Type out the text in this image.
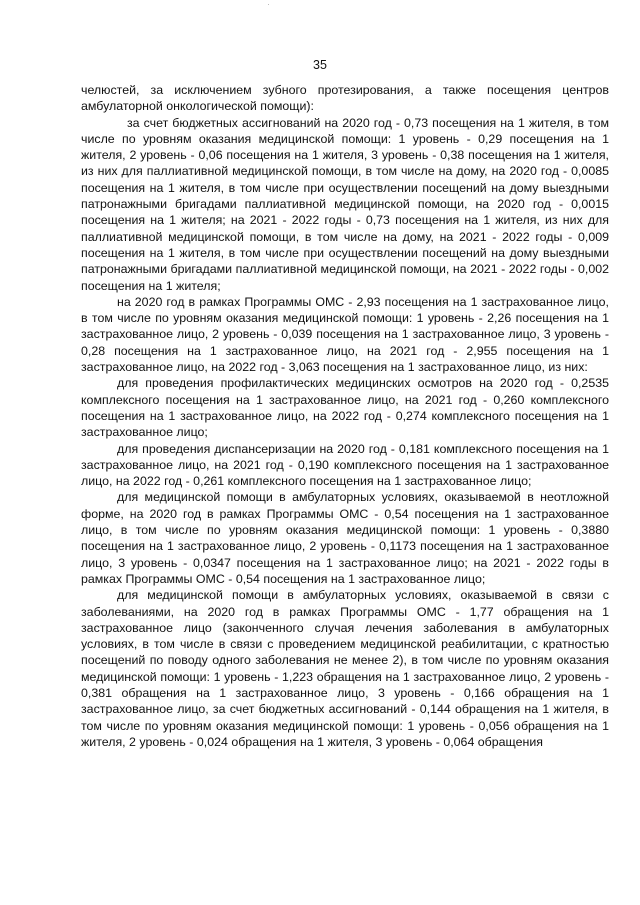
35

челюстей, за исключением зубного протезирования, а также посещения центров амбулаторной онкологической помощи):

за счет бюджетных ассигнований на 2020 год - 0,73 посещения на 1 жителя, в том числе по уровням оказания медицинской помощи: 1 уровень - 0,29 посещения на 1 жителя, 2 уровень - 0,06 посещения на 1 жителя, 3 уровень - 0,38 посещения на 1 жителя, из них для паллиативной медицинской помощи, в том числе на дому, на 2020 год - 0,0085 посещения на 1 жителя, в том числе при осуществлении посещений на дому выездными патронажными бригадами паллиативной медицинской помощи, на 2020 год - 0,0015 посещения на 1 жителя; на 2021 - 2022 годы - 0,73 посещения на 1 жителя, из них для паллиативной медицинской помощи, в том числе на дому, на 2021 - 2022 годы - 0,009 посещения на 1 жителя, в том числе при осуществлении посещений на дому выездными патронажными бригадами паллиативной медицинской помощи, на 2021 - 2022 годы - 0,002 посещения на 1 жителя;

на 2020 год в рамках Программы ОМС - 2,93 посещения на 1 застрахованное лицо, в том числе по уровням оказания медицинской помощи: 1 уровень - 2,26 посещения на 1 застрахованное лицо, 2 уровень - 0,039 посещения на 1 застрахованное лицо, 3 уровень - 0,28 посещения на 1 застрахованное лицо, на 2021 год - 2,955 посещения на 1 застрахованное лицо, на 2022 год - 3,063 посещения на 1 застрахованное лицо, из них:

для проведения профилактических медицинских осмотров на 2020 год - 0,2535 комплексного посещения на 1 застрахованное лицо, на 2021 год - 0,260 комплексного посещения на 1 застрахованное лицо, на 2022 год - 0,274 комплексного посещения на 1 застрахованное лицо;

для проведения диспансеризации на 2020 год - 0,181 комплексного посещения на 1 застрахованное лицо, на 2021 год - 0,190 комплексного посещения на 1 застрахованное лицо, на 2022 год - 0,261 комплексного посещения на 1 застрахованное лицо;

для медицинской помощи в амбулаторных условиях, оказываемой в неотложной форме, на 2020 год в рамках Программы ОМС - 0,54 посещения на 1 застрахованное лицо, в том числе по уровням оказания медицинской помощи: 1 уровень - 0,3880 посещения на 1 застрахованное лицо, 2 уровень - 0,1173 посещения на 1 застрахованное лицо, 3 уровень - 0,0347 посещения на 1 застрахованное лицо; на 2021 - 2022 годы в рамках Программы ОМС - 0,54 посещения на 1 застрахованное лицо;

для медицинской помощи в амбулаторных условиях, оказываемой в связи с заболеваниями, на 2020 год в рамках Программы ОМС - 1,77 обращения на 1 застрахованное лицо (законченного случая лечения заболевания в амбулаторных условиях, в том числе в связи с проведением медицинской реабилитации, с кратностью посещений по поводу одного заболевания не менее 2), в том числе по уровням оказания медицинской помощи: 1 уровень - 1,223 обращения на 1 застрахованное лицо, 2 уровень - 0,381 обращения на 1 застрахованное лицо, 3 уровень - 0,166 обращения на 1 застрахованное лицо, за счет бюджетных ассигнований - 0,144 обращения на 1 жителя, в том числе по уровням оказания медицинской помощи: 1 уровень - 0,056 обращения на 1 жителя, 2 уровень - 0,024 обращения на 1 жителя, 3 уровень - 0,064 обращения
